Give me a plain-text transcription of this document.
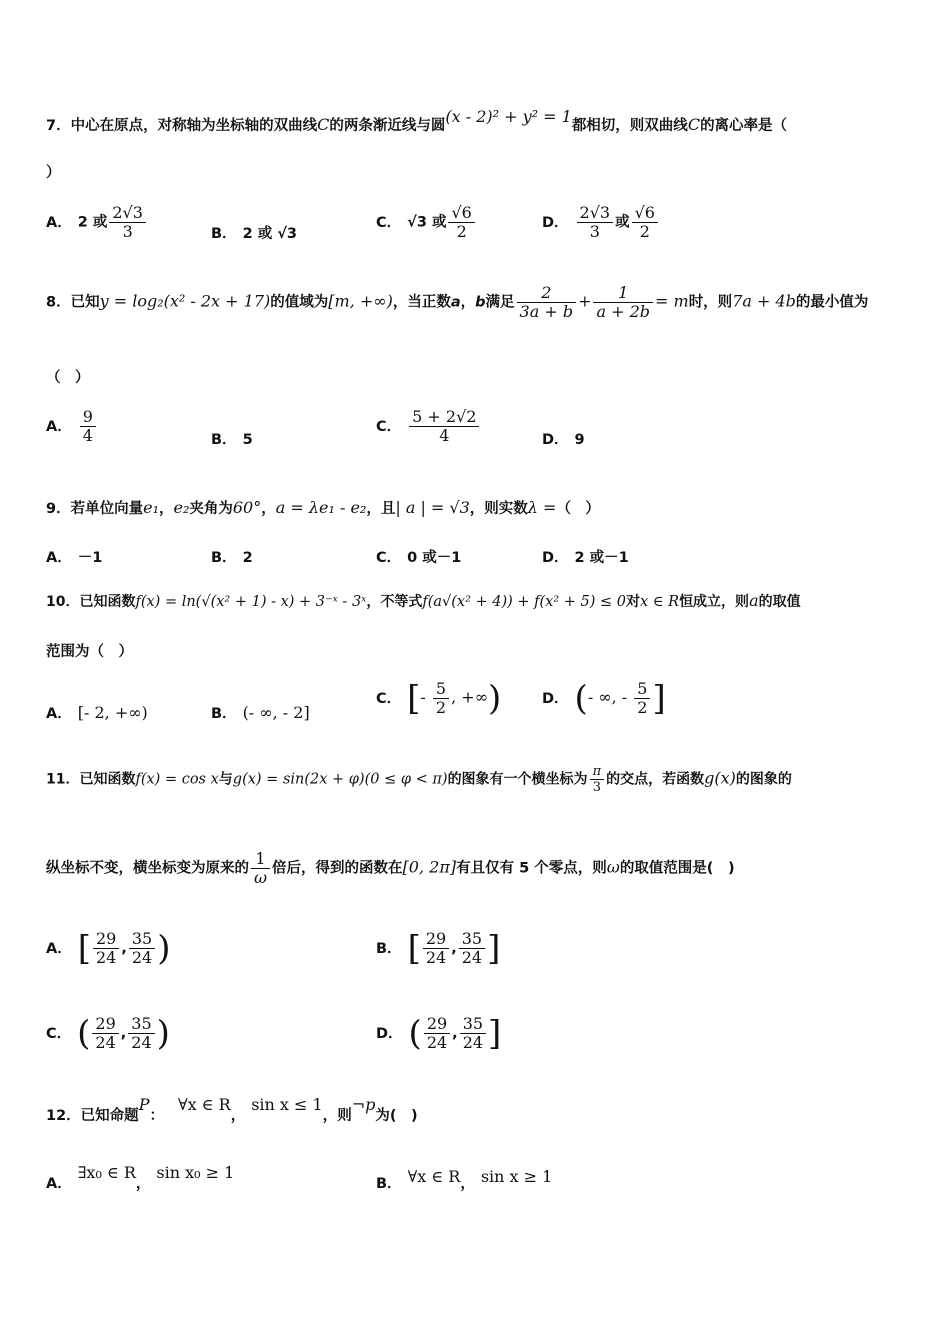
7．中心在原点，对称轴为坐标轴的双曲线C的两条渐近线与圆(x - 2)² + y² = 1都相切，则双曲线C的离心率是（
）
A． 2 或 $\frac{2√3}{3}$	B． 2 或 √3
C． √3 或 $\frac{√6}{2}$	D． $\frac{2√3}{3}$ 或 $\frac{√6}{2}$
8．已知y = log₂(x² - 2x + 17)的值域为[m, +∞)，当正数a，b满足 $\frac{2}{3a + b} + \frac{1}{a + 2b} = m$时，则7a + 4b的最小值为
（　）
A． $\frac{9}{4}$	B． 5
C． $\frac{5 + 2√2}{4}$	D． 9
9．若单位向量e₁，e₂夹角为60°，a = λe₁ - e₂，且| a | = √3，则实数λ =（　）
A． －1	B． 2	C． 0 或－1	D． 2 或－1
10．已知函数f(x) = ln(√(x² + 1) - x) + 3⁻ˣ - 3ˣ，不等式f(a√(x² + 4)) + f(x² + 5) ≤ 0对x ∈ R恒成立，则a的取值
范围为（　）
A． [- 2, +∞)	B． (- ∞, - 2]
C． [- $\frac{5}{2}$ , +∞)	D． (- ∞, - $\frac{5}{2}$ ]
11．已知函数f(x) = cos x与g(x) = sin(2x + φ)(0 ≤ φ < π)的图象有一个横坐标为 $\frac{\pi}{3}$ 的交点，若函数g(x)的图象的
纵坐标不变，横坐标变为原来的 $\frac{1}{\omega}$ 倍后，得到的函数在[0, 2π]有且仅有 5 个零点，则ω的取值范围是(　)
A． [ $\frac{29}{24}$ , $\frac{35}{24}$ )	B． [ $\frac{29}{24}$ , $\frac{35}{24}$ ]
C． ( $\frac{29}{24}$ , $\frac{35}{24}$ )	D． ( $\frac{29}{24}$ , $\frac{35}{24}$ ]
12．已知命题P：∀x ∈ R，sin x ≤ 1，则¬p为(　)
A．∃x₀ ∈ R，sin x₀ ≥ 1
B． ∀x ∈ R， sin x ≥ 1
